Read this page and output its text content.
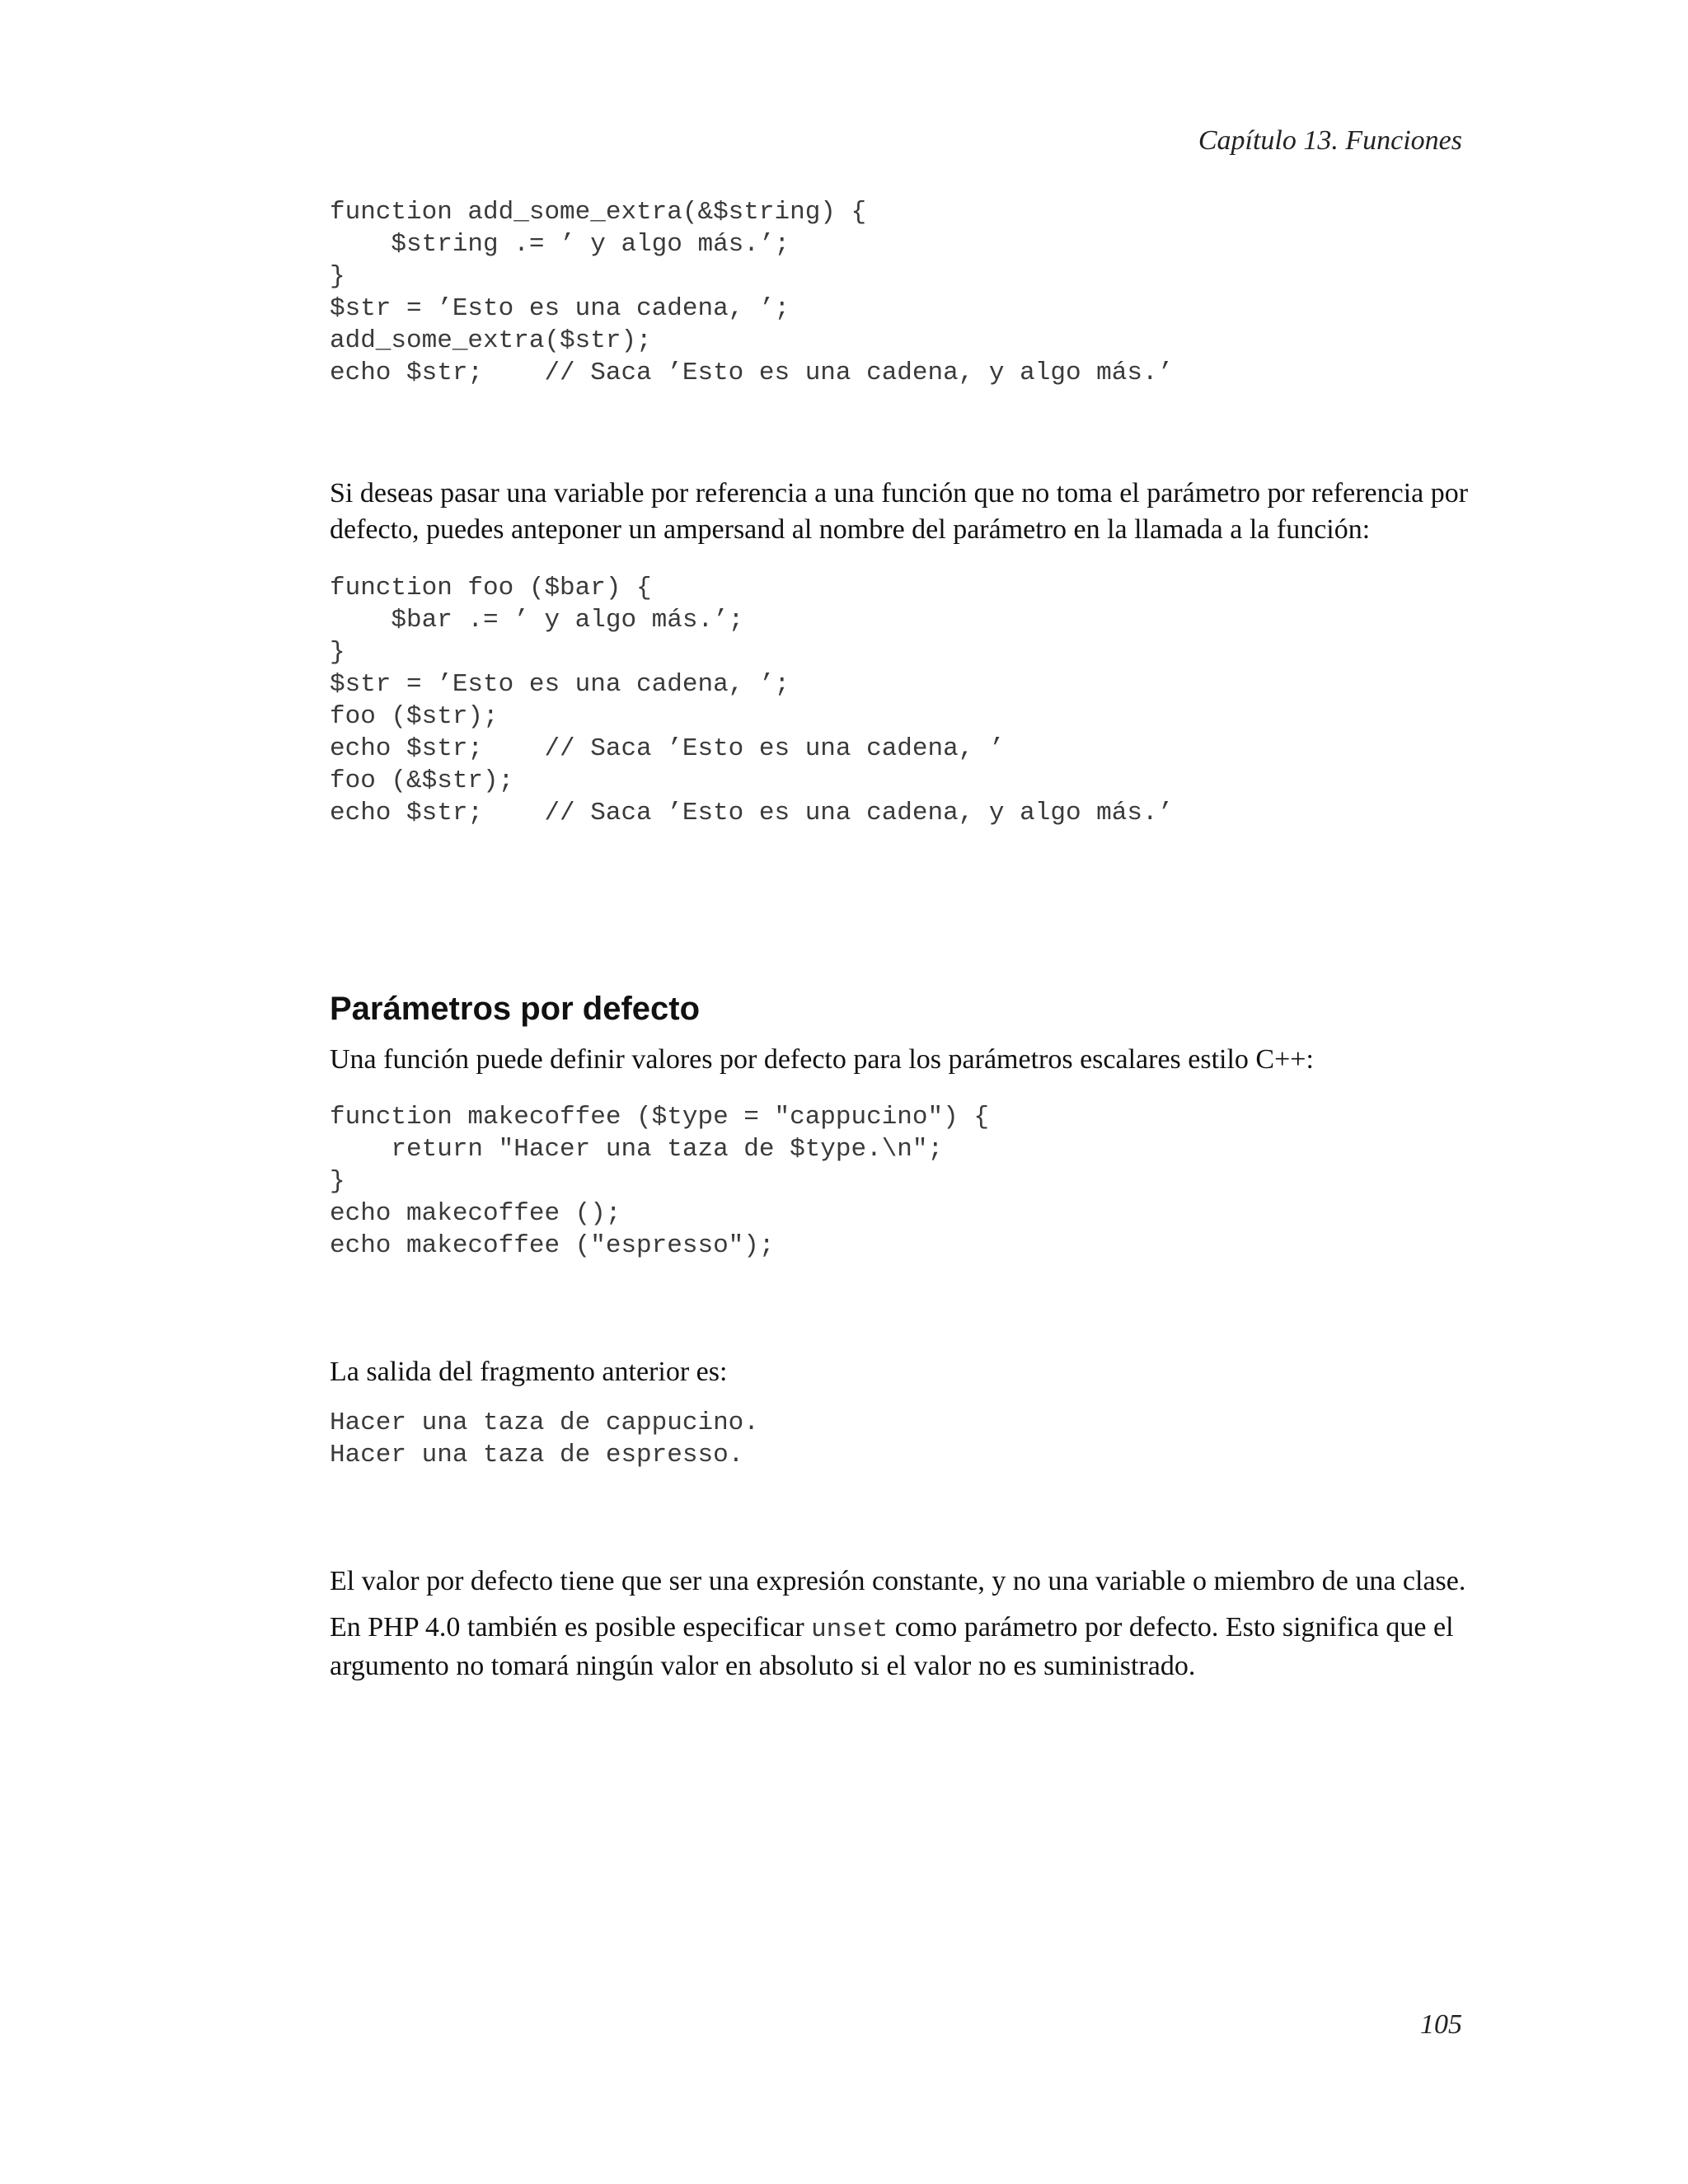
Capítulo 13. Funciones
function add_some_extra(&$string) {
$string .= ’ y algo más.’;
}
$str = ’Esto es una cadena, ’;
add_some_extra($str);
echo $str;    // Saca ’Esto es una cadena, y algo más.’

Si deseas pasar una variable por referencia a una función que no toma el parámetro por referencia por defecto, puedes anteponer un ampersand al nombre del parámetro en la llamada a la función:

function foo ($bar) {
$bar .= ’ y algo más.’;
}
$str = ’Esto es una cadena, ’;
foo ($str);
echo $str;    // Saca ’Esto es una cadena, ’
foo (&$str);
echo $str;    // Saca ’Esto es una cadena, y algo más.’
Parámetros por defecto

Una función puede definir valores por defecto para los parámetros escalares estilo C++:

function makecoffee ($type = "cappucino") {
return "Hacer una taza de $type.\n";
}
echo makecoffee ();
echo makecoffee ("espresso");

La salida del fragmento anterior es:

Hacer una taza de cappucino.
Hacer una taza de espresso.

El valor por defecto tiene que ser una expresión constante, y no una variable o miembro de una clase.

En PHP 4.0 también es posible especificar unset como parámetro por defecto. Esto significa que el argumento no tomará ningún valor en absoluto si el valor no es suministrado.

105
